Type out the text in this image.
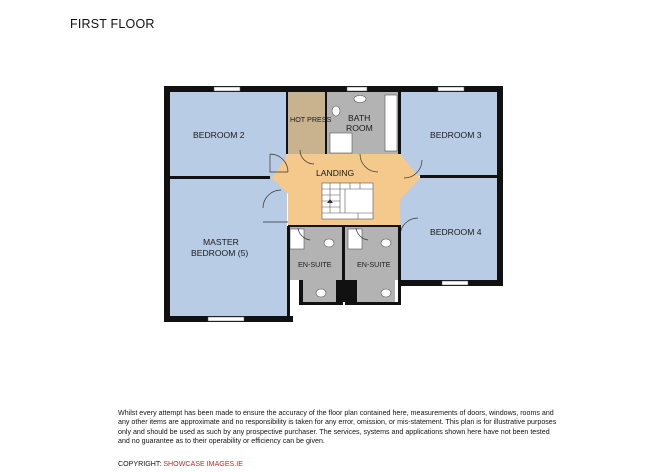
FIRST FLOOR
BEDROOM 2
HOT PRESS BATH
ROOM
BEDROOM 3
LANDING
MASTER
BEDROOM (5)
EN-SUITE	EN-SUITE
BEDROOM 4
Whilst every attempt has been made to ensure the accuracy of the floor plan contained here, measurements of doors, windows, rooms and any other items are approximate and no responsibility is taken for any error, omission, or mis-statement. This plan is for illustrative purposes only and should be used as such by any prospective purchaser. The services, systems and applications shown here have not been tested and no guarantee as to their operability or efficiency can be given.
COPYRIGHT: SHOWCASE IMAGES.IE
